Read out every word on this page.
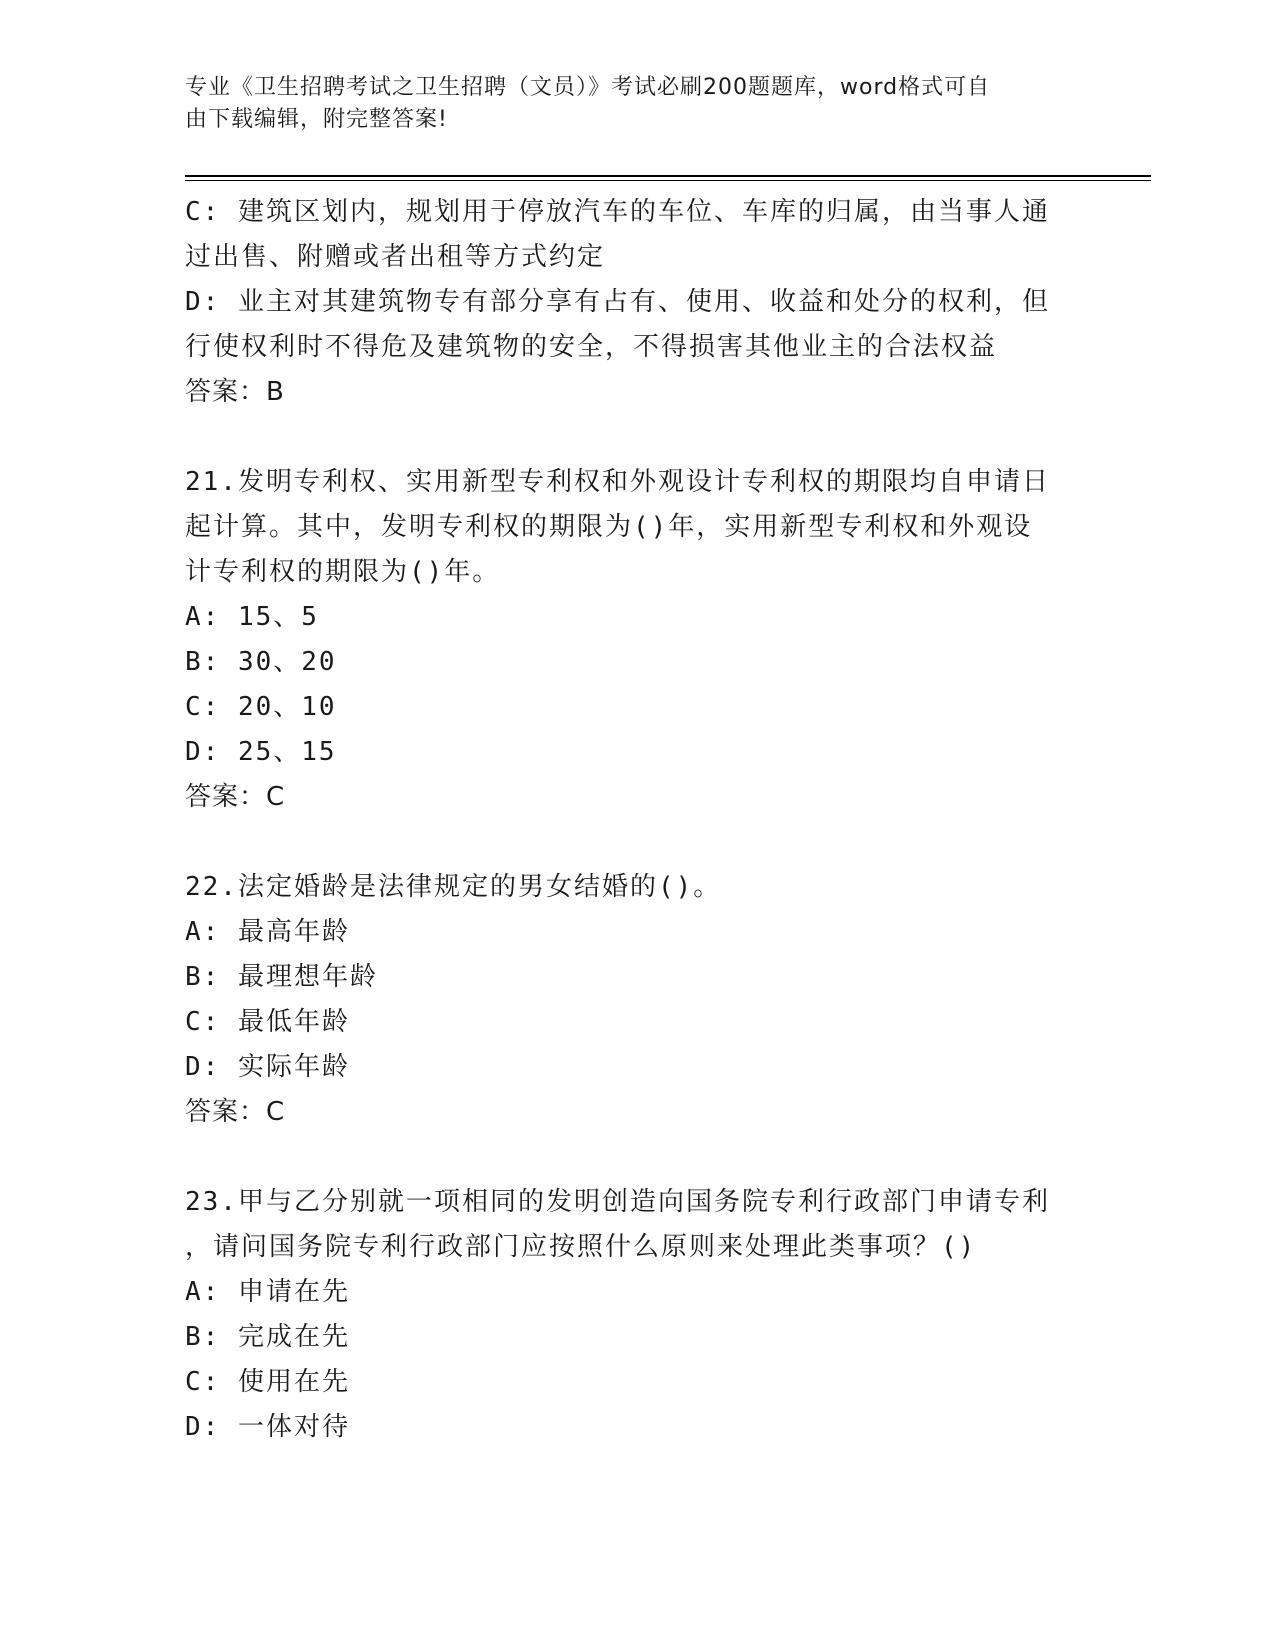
专业《卫生招聘考试之卫生招聘（文员）》考试必刷200题题库，word格式可自
由下载编辑，附完整答案!
C: 建筑区划内，规划用于停放汽车的车位、车库的归属，由当事人通
过出售、附赠或者出租等方式约定
D: 业主对其建筑物专有部分享有占有、使用、收益和处分的权利，但
行使权利时不得危及建筑物的安全，不得损害其他业主的合法权益
答案：B
21.发明专利权、实用新型专利权和外观设计专利权的期限均自申请日
起计算。其中，发明专利权的期限为()年，实用新型专利权和外观设
计专利权的期限为()年。
A: 15、5
B: 30、20
C: 20、10
D: 25、15
答案：C
22.法定婚龄是法律规定的男女结婚的()。
A: 最高年龄
B: 最理想年龄
C: 最低年龄
D: 实际年龄
答案：C
23.甲与乙分别就一项相同的发明创造向国务院专利行政部门申请专利
，请问国务院专利行政部门应按照什么原则来处理此类事项？()
A: 申请在先
B: 完成在先
C: 使用在先
D: 一体对待
